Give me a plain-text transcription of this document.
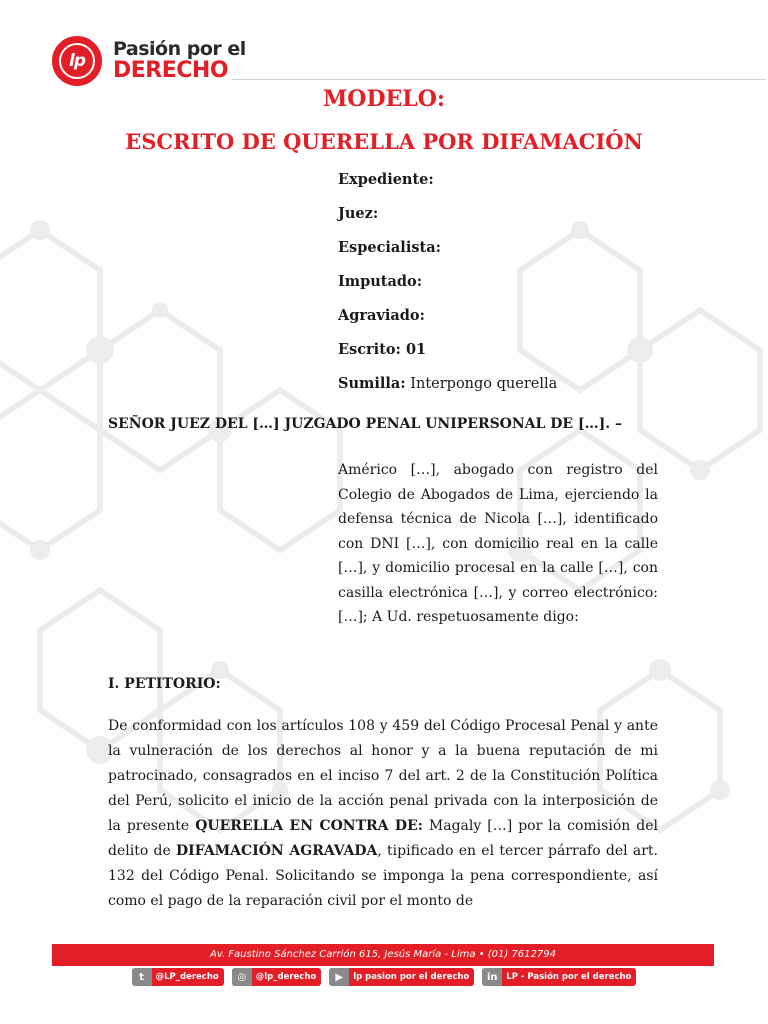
lp
Pasión por el
DERECHO
MODELO:
ESCRITO DE QUERELLA POR DIFAMACIÓN
Expediente:
Juez:
Especialista:
Imputado:
Agraviado:
Escrito: 01
Sumilla: Interpongo querella
SEÑOR JUEZ DEL […] JUZGADO PENAL UNIPERSONAL DE […]. –
Américo […], abogado con registro del Colegio de Abogados de Lima, ejerciendo la defensa técnica de Nicola […], identificado con DNI […], con domicilio real en la calle […], y domicilio procesal en la calle […], con casilla electrónica […], y correo electrónico: […]; A Ud. respetuosamente digo:
I. PETITORIO:
De conformidad con los artículos 108 y 459 del Código Procesal Penal y ante la vulneración de los derechos al honor y a la buena reputación de mi patrocinado, consagrados en el inciso 7 del art. 2 de la Constitución Política del Perú, solicito el inicio de la acción penal privada con la interposición de la presente QUERELLA EN CONTRA DE: Magaly […] por la comisión del delito de DIFAMACIÓN AGRAVADA, tipificado en el tercer párrafo del art. 132 del Código Penal. Solicitando se imponga la pena correspondiente, así como el pago de la reparación civil por el monto de
Av. Faustino Sánchez Carrión 615, Jesús María - Lima • (01) 7612794
t	@LP_derecho	◎	@lp_derecho	▶	lp pasion por el derecho	in	LP - Pasión por el derecho
